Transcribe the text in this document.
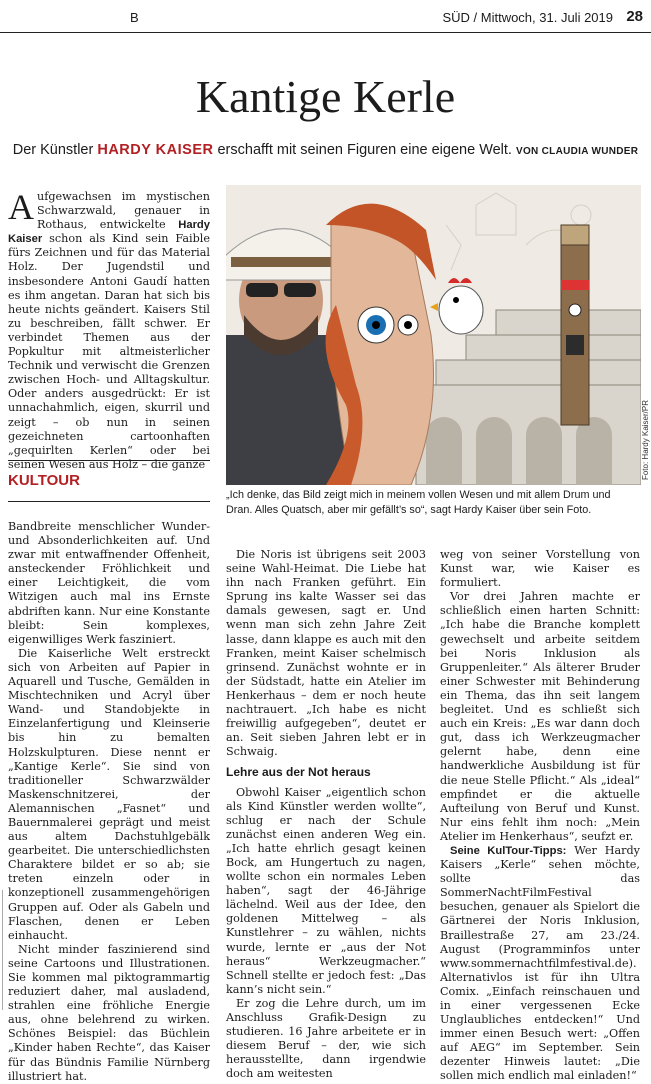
B	SÜD / Mittwoch, 31. Juli 2019 28
Kantige Kerle
Der Künstler HARDY KAISER erschafft mit seinen Figuren eine eigene Welt. VON CLAUDIA WUNDER

Aufgewachsen im mystischen Schwarzwald, genauer in Rothaus, entwickelte Hardy Kaiser schon als Kind sein Faible fürs Zeichnen und für das Material Holz. Der Jugendstil und insbesondere Antoni Gaudí hatten es ihm angetan. Daran hat sich bis heute nichts geändert. Kaisers Stil zu beschreiben, fällt schwer. Er verbindet Themen aus der Popkultur mit altmeisterlicher Technik und verwischt die Grenzen zwischen Hoch- und Alltagskultur. Oder anders ausgedrückt: Er ist unnachahmlich, eigen, skurril und zeigt – ob nun in seinen gezeichneten cartoonhaften „gequirlten Kerlen“ oder bei seinen Wesen aus Holz – die ganze

KULTOUR
Foto: Hardy Kaiser/PR
„Ich denke, das Bild zeigt mich in meinem vollen Wesen und mit allem Drum und Dran. Alles Quatsch, aber mir gefällt’s so“, sagt Hardy Kaiser über sein Foto.

Bandbreite menschlicher Wunder- und Absonderlichkeiten auf. Und zwar mit entwaffnender Offenheit, ansteckender Fröhlichkeit und einer Leichtigkeit, die vom Witzigen auch mal ins Ernste abdriften kann. Nur eine Konstante bleibt: Sein komplexes, eigenwilliges Werk fasziniert.

Die Kaiserliche Welt erstreckt sich von Arbeiten auf Papier in Aquarell und Tusche, Gemälden in Mischtechniken und Acryl über Wand- und Standobjekte in Einzelanfertigung und Kleinserie bis hin zu bemalten Holzskulpturen. Diese nennt er „Kantige Kerle“. Sie sind von traditioneller Schwarzwälder Maskenschnitzerei, der Alemannischen „Fasnet“ und Bauernmalerei geprägt und meist aus altem Dachstuhlgebälk gearbeitet. Die unterschiedlichsten Charaktere bildet er so ab; sie treten einzeln oder in konzeptionell zusammengehörigen Gruppen auf. Oder als Gabeln und Flaschen, denen er Leben einhaucht.

Nicht minder faszinierend sind seine Cartoons und Illustrationen. Sie kommen mal piktogrammartig reduziert daher, mal ausladend, strahlen eine fröhliche Energie aus, ohne belehrend zu wirken. Schönes Beispiel: das Büchlein „Kinder haben Rechte“, das Kaiser für das Bündnis Familie Nürnberg illustriert hat.

Die Noris ist übrigens seit 2003 seine Wahl-Heimat. Die Liebe hat ihn nach Franken geführt. Ein Sprung ins kalte Wasser sei das damals gewesen, sagt er. Und wenn man sich zehn Jahre Zeit lasse, dann klappe es auch mit den Franken, meint Kaiser schelmisch grinsend. Zunächst wohnte er in der Südstadt, hatte ein Atelier im Henkerhaus – dem er noch heute nachtrauert. „Ich habe es nicht freiwillig aufgegeben“, deutet er an. Seit sieben Jahren lebt er in Schwaig.

Lehre aus der Not heraus

Obwohl Kaiser „eigentlich schon als Kind Künstler werden wollte“, schlug er nach der Schule zunächst einen anderen Weg ein. „Ich hatte ehrlich gesagt keinen Bock, am Hungertuch zu nagen, wollte schon ein normales Leben haben“, sagt der 46-Jährige lächelnd. Weil aus der Idee, den goldenen Mittelweg – als Kunstlehrer – zu wählen, nichts wurde, lernte er „aus der Not heraus“ Werkzeugmacher.“ Schnell stellte er jedoch fest: „Das kann’s nicht sein.“

Er zog die Lehre durch, um im Anschluss Grafik-Design zu studieren. 16 Jahre arbeitete er in diesem Beruf – der, wie sich herausstellte, dann irgendwie doch am weitesten

weg von seiner Vorstellung von Kunst war, wie Kaiser es formuliert.

Vor drei Jahren machte er schließlich einen harten Schnitt: „Ich habe die Branche komplett gewechselt und arbeite seitdem bei Noris Inklusion als Gruppenleiter.“ Als älterer Bruder einer Schwester mit Behinderung ein Thema, das ihn seit langem begleitet. Und es schließt sich auch ein Kreis: „Es war dann doch gut, dass ich Werkzeugmacher gelernt habe, denn eine handwerkliche Ausbildung ist für die neue Stelle Pflicht.“ Als „ideal“ empfindet er die aktuelle Aufteilung von Beruf und Kunst. Nur eins fehlt ihm noch: „Mein Atelier im Henkerhaus“, seufzt er.

Seine KulTour-Tipps: Wer Hardy Kaisers „Kerle“ sehen möchte, sollte das SommerNachtFilmFestival besuchen, genauer als Spielort die Gärtnerei der Noris Inklusion, Braillestraße 27, am 23./24. August (Programminfos unter www.sommernachtfilmfestival.de). Alternativlos ist für ihn Ultra Comix. „Einfach reinschauen und in einer vergessenen Ecke Unglaubliches entdecken!“ Und immer einen Besuch wert: „Offen auf AEG“ im September. Sein dezenter Hinweis lautet: „Die sollen mich endlich mal einladen!“
